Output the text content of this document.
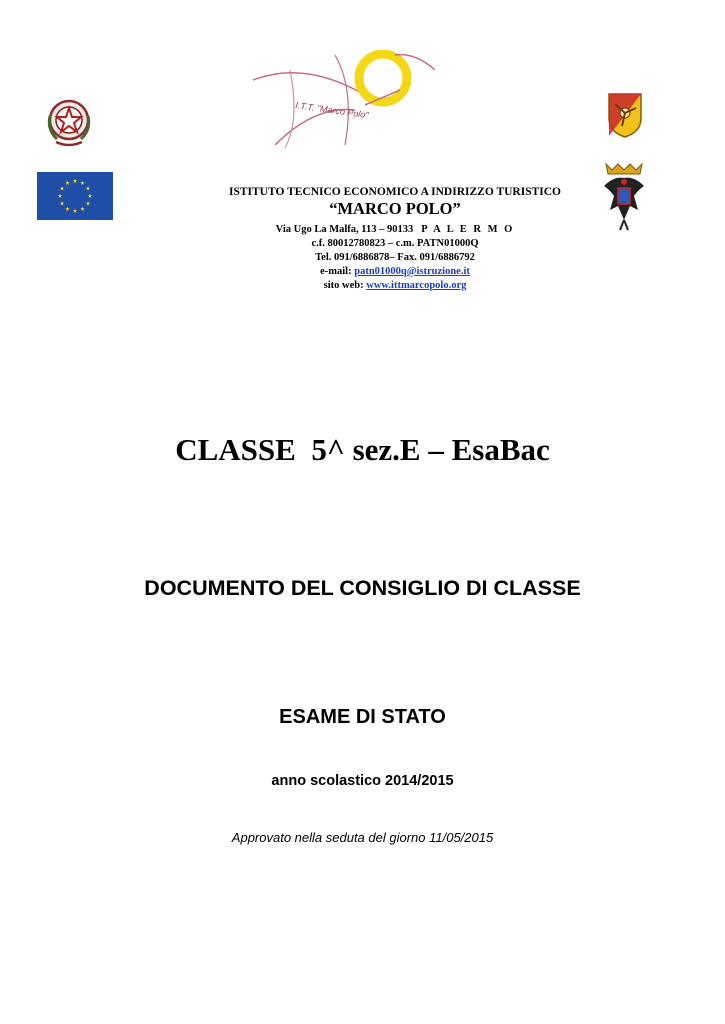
I.T.T. "Marco Polo"
ISTITUTO TECNICO ECONOMICO A INDIRIZZO TURISTICO
“MARCO POLO”
Via Ugo La Malfa, 113 – 90133 P A L E R M O
c.f. 80012780823 – c.m. PATN01000Q
Tel. 091/6886878– Fax. 091/6886792
e-mail: patn01000q@istruzione.it
sito web: www.ittmarcopolo.org
CLASSE  5^ sez.E – EsaBac
DOCUMENTO DEL CONSIGLIO DI CLASSE
ESAME DI STATO
anno scolastico 2014/2015
Approvato nella seduta del giorno 11/05/2015
